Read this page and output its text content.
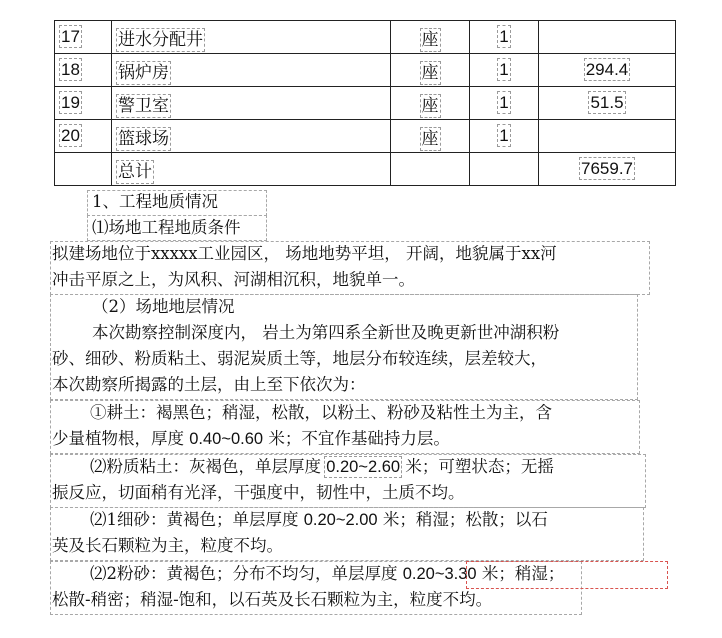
17	进水分配井	座	1	
18	锅炉房	座	1	294.4
19	警卫室	座	1	51.5
20	篮球场	座	1	
	总计			7659.7
1、工程地质情况
⑴场地工程地质条件
拟建场地位于xxxxx工业园区， 场地地势平坦， 开阔，地貌属于xx河
冲击平原之上，为风积、河湖相沉积，地貌单一。
（2）场地地层情况
本次勘察控制深度内， 岩土为第四系全新世及晚更新世冲湖积粉
砂、细砂、粉质粘土、弱泥炭质土等，地层分布较连续，层差较大，
本次勘察所揭露的土层，由上至下依次为：
①耕土：褐黑色；稍湿，松散，以粉土、粉砂及粘性土为主，含
少量植物根，厚度 0.40~0.60 米；不宜作基础持力层。
⑵粉质粘土：灰褐色，单层厚度 0.20~2.60 米；可塑状态；无摇
振反应，切面稍有光泽，干强度中，韧性中，土质不均。
⑵1细砂：黄褐色；单层厚度 0.20~2.00 米；稍湿；松散；以石
英及长石颗粒为主，粒度不均。
⑵2粉砂：黄褐色；分布不均匀，单层厚度 0.20~3.30 米；稍湿；
松散-稍密；稍湿-饱和，以石英及长石颗粒为主，粒度不均。
